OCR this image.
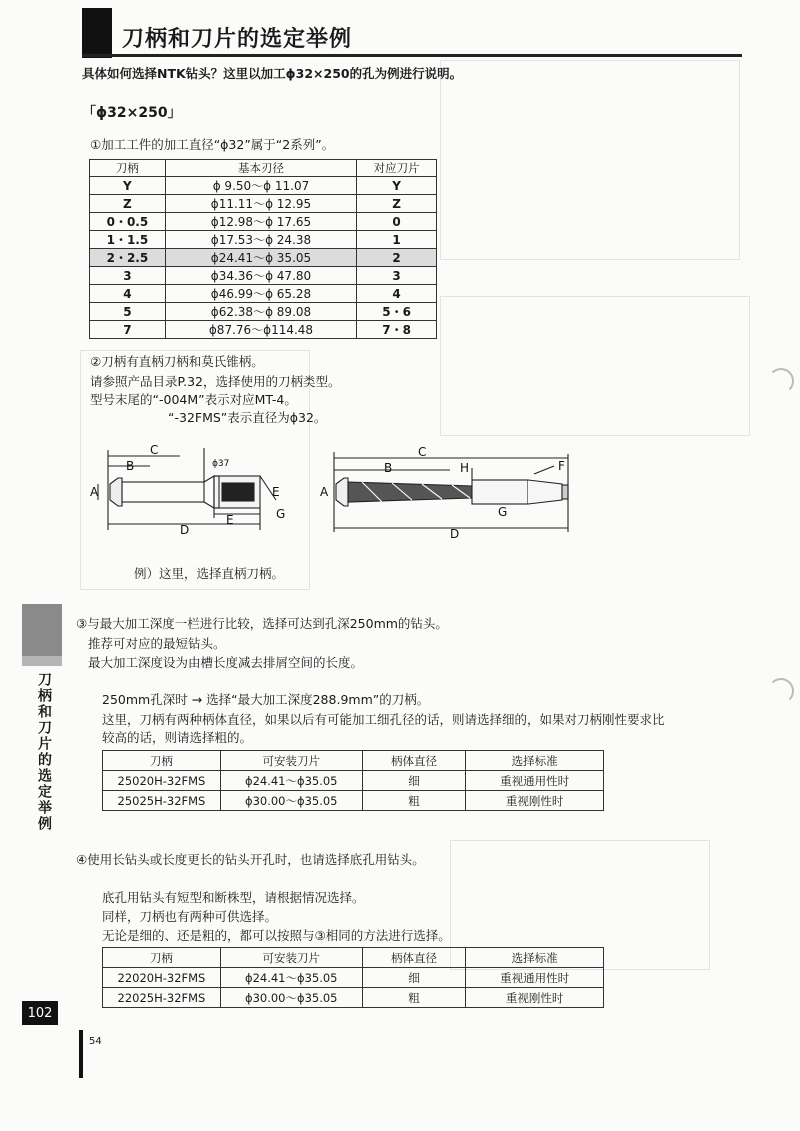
刀柄和刀片的选定举例
具体如何选择NTK钻头？这里以加工ϕ32×250的孔为例进行说明。
「ϕ32×250」
①加工工件的加工直径“ϕ32”属于“2系列”。
刀柄	基本刃径	对应刀片
Y	ϕ 9.50～ϕ 11.07	Y
Z	ϕ11.11～ϕ 12.95	Z
0・0.5	ϕ12.98～ϕ 17.65	0
1・1.5	ϕ17.53～ϕ 24.38	1
2・2.5	ϕ24.41～ϕ 35.05	2
3	ϕ34.36～ϕ 47.80	3
4	ϕ46.99～ϕ 65.28	4
5	ϕ62.38～ϕ 89.08	5・6
7	ϕ87.76～ϕ114.48	7・8
②刀柄有直柄刀柄和莫氏锥柄。
请参照产品目录P.32，选择使用的刀柄类型。
型号末尾的“-004M”表示对应MT-4。
“-32FMS”表示直径为ϕ32。
C
B	ϕ37
A	E
G
E
D
C
B	H	F
A
G
D
例）这里，选择直柄刀柄。
③与最大加工深度一栏进行比较，选择可达到孔深250mm的钻头。
推荐可对应的最短钻头。
最大加工深度设为由槽长度减去排屑空间的长度。
250mm孔深时 → 选择“最大加工深度288.9mm”的刀柄。
这里，刀柄有两种柄体直径，如果以后有可能加工细孔径的话，则请选择细的，如果对刀柄刚性要求比
较高的话，则请选择粗的。
刀柄	可安装刀片	柄体直径	选择标准
25020H-32FMS	ϕ24.41～ϕ35.05	细	重视通用性时
25025H-32FMS	ϕ30.00～ϕ35.05	粗	重视刚性时
④使用长钻头或长度更长的钻头开孔时，也请选择底孔用钻头。
底孔用钻头有短型和断株型，请根据情况选择。
同样，刀柄也有两种可供选择。
无论是细的、还是粗的，都可以按照与③相同的方法进行选择。
刀柄	可安装刀片	柄体直径	选择标准
22020H-32FMS	ϕ24.41～ϕ35.05	细	重视通用性时
22025H-32FMS	ϕ30.00～ϕ35.05	粗	重视刚性时
刀柄和刀片的选定举例
102
54
